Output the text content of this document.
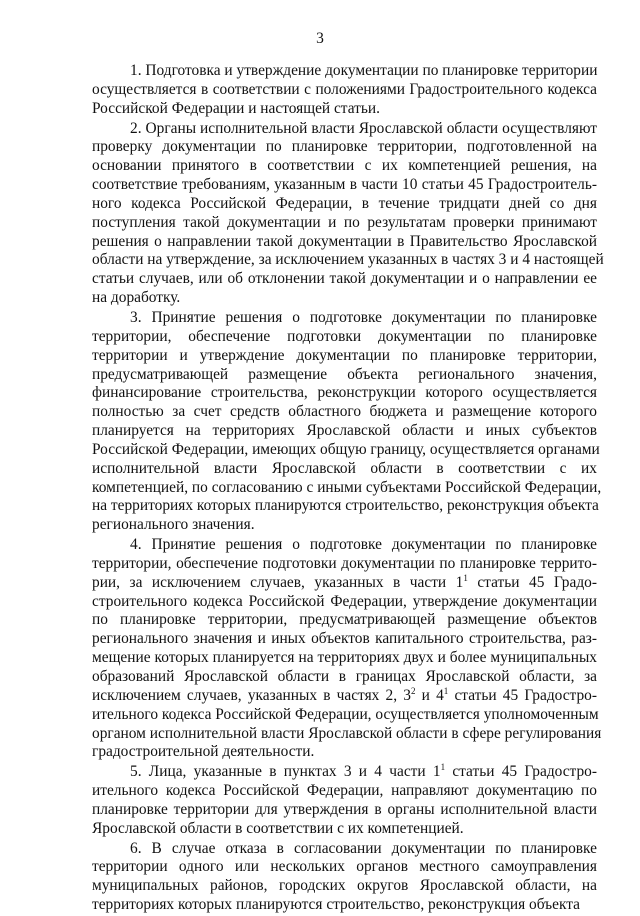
3
1. Подготовка и утверждение документации по планировке территории
осуществляется в соответствии с положениями Градостроительного кодекса
Российской Федерации и настоящей статьи.
2. Органы исполнительной власти Ярославской области осуществляют
проверку документации по планировке территории, подготовленной на
основании принятого в соответствии с их компетенцией решения, на
соответствие требованиям, указанным в части 10 статьи 45 Градостроитель-
ного кодекса Российской Федерации, в течение тридцати дней со дня
поступления такой документации и по результатам проверки принимают
решения о направлении такой документации в Правительство Ярославской
области на утверждение, за исключением указанных в частях 3 и 4 настоящей
статьи случаев, или об отклонении такой документации и о направлении ее
на доработку.
3. Принятие решения о подготовке документации по планировке
территории, обеспечение подготовки документации по планировке
территории и утверждение документации по планировке территории,
предусматривающей размещение объекта регионального значения,
финансирование строительства, реконструкции которого осуществляется
полностью за счет средств областного бюджета и размещение которого
планируется на территориях Ярославской области и иных субъектов
Российской Федерации, имеющих общую границу, осуществляется органами
исполнительной власти Ярославской области в соответствии с их
компетенцией, по согласованию с иными субъектами Российской Федерации,
на территориях которых планируются строительство, реконструкция объекта
регионального значения.
4. Принятие решения о подготовке документации по планировке
территории, обеспечение подготовки документации по планировке террито-
рии, за исключением случаев, указанных в части $1^1$ статьи 45 Градо-
строительного кодекса Российской Федерации, утверждение документации
по планировке территории, предусматривающей размещение объектов
регионального значения и иных объектов капитального строительства, раз-
мещение которых планируется на территориях двух и более муниципальных
образований Ярославской области в границах Ярославской области, за
исключением случаев, указанных в частях 2, $3^2$ и $4^1$ статьи 45 Градостро-
ительного кодекса Российской Федерации, осуществляется уполномоченным
органом исполнительной власти Ярославской области в сфере регулирования
градостроительной деятельности.
5. Лица, указанные в пунктах 3 и 4 части $1^1$ статьи 45 Градостро-
ительного кодекса Российской Федерации, направляют документацию по
планировке территории для утверждения в органы исполнительной власти
Ярославской области в соответствии с их компетенцией.
6. В случае отказа в согласовании документации по планировке
территории одного или нескольких органов местного самоуправления
муниципальных районов, городских округов Ярославской области, на
территориях которых планируются строительство, реконструкция объекта
